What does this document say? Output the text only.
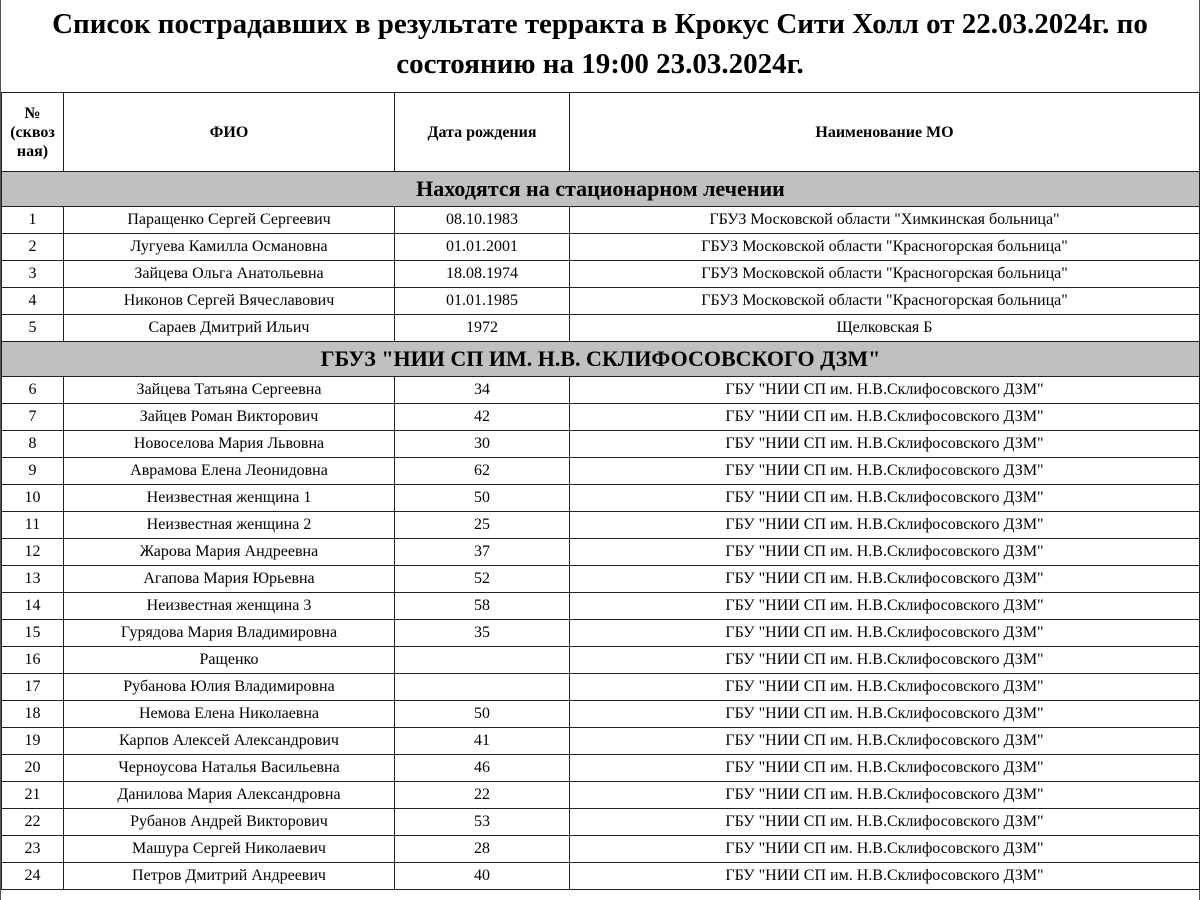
Список пострадавших в результате терракта в Крокус Сити Холл от 22.03.2024г. по
состоянию на 19:00 23.03.2024г.
№ (сквоз ная)	ФИО	Дата рождения	Наименование МО
Находятся на стационарном лечении			
1	Паращенко Сергей Сергеевич	08.10.1983	ГБУЗ Московской области "Химкинская больница"
2	Лугуева Камилла Османовна	01.01.2001	ГБУЗ Московской области "Красногорская больница"
3	Зайцева Ольга Анатольевна	18.08.1974	ГБУЗ Московской области "Красногорская больница"
4	Никонов Сергей Вячеславович	01.01.1985	ГБУЗ Московской области "Красногорская больница"
5	Сараев Дмитрий Ильич	1972	Щелковская Б
ГБУЗ "НИИ СП ИМ. Н.В. СКЛИФОСОВСКОГО ДЗМ"			
6	Зайцева Татьяна Сергеевна	34	ГБУ "НИИ СП им. Н.В.Склифосовского ДЗМ"
7	Зайцев Роман Викторович	42	ГБУ "НИИ СП им. Н.В.Склифосовского ДЗМ"
8	Новоселова Мария Львовна	30	ГБУ "НИИ СП им. Н.В.Склифосовского ДЗМ"
9	Аврамова Елена Леонидовна	62	ГБУ "НИИ СП им. Н.В.Склифосовского ДЗМ"
10	Неизвестная женщина 1	50	ГБУ "НИИ СП им. Н.В.Склифосовского ДЗМ"
11	Неизвестная женщина 2	25	ГБУ "НИИ СП им. Н.В.Склифосовского ДЗМ"
12	Жарова Мария Андреевна	37	ГБУ "НИИ СП им. Н.В.Склифосовского ДЗМ"
13	Агапова Мария Юрьевна	52	ГБУ "НИИ СП им. Н.В.Склифосовского ДЗМ"
14	Неизвестная женщина 3	58	ГБУ "НИИ СП им. Н.В.Склифосовского ДЗМ"
15	Гурядова Мария Владимировна	35	ГБУ "НИИ СП им. Н.В.Склифосовского ДЗМ"
16	Ращенко		ГБУ "НИИ СП им. Н.В.Склифосовского ДЗМ"
17	Рубанова Юлия Владимировна		ГБУ "НИИ СП им. Н.В.Склифосовского ДЗМ"
18	Немова Елена Николаевна	50	ГБУ "НИИ СП им. Н.В.Склифосовского ДЗМ"
19	Карпов Алексей Александрович	41	ГБУ "НИИ СП им. Н.В.Склифосовского ДЗМ"
20	Черноусова Наталья Васильевна	46	ГБУ "НИИ СП им. Н.В.Склифосовского ДЗМ"
21	Данилова Мария Александровна	22	ГБУ "НИИ СП им. Н.В.Склифосовского ДЗМ"
22	Рубанов Андрей Викторович	53	ГБУ "НИИ СП им. Н.В.Склифосовского ДЗМ"
23	Машура Сергей Николаевич	28	ГБУ "НИИ СП им. Н.В.Склифосовского ДЗМ"
24	Петров Дмитрий Андреевич	40	ГБУ "НИИ СП им. Н.В.Склифосовского ДЗМ"
